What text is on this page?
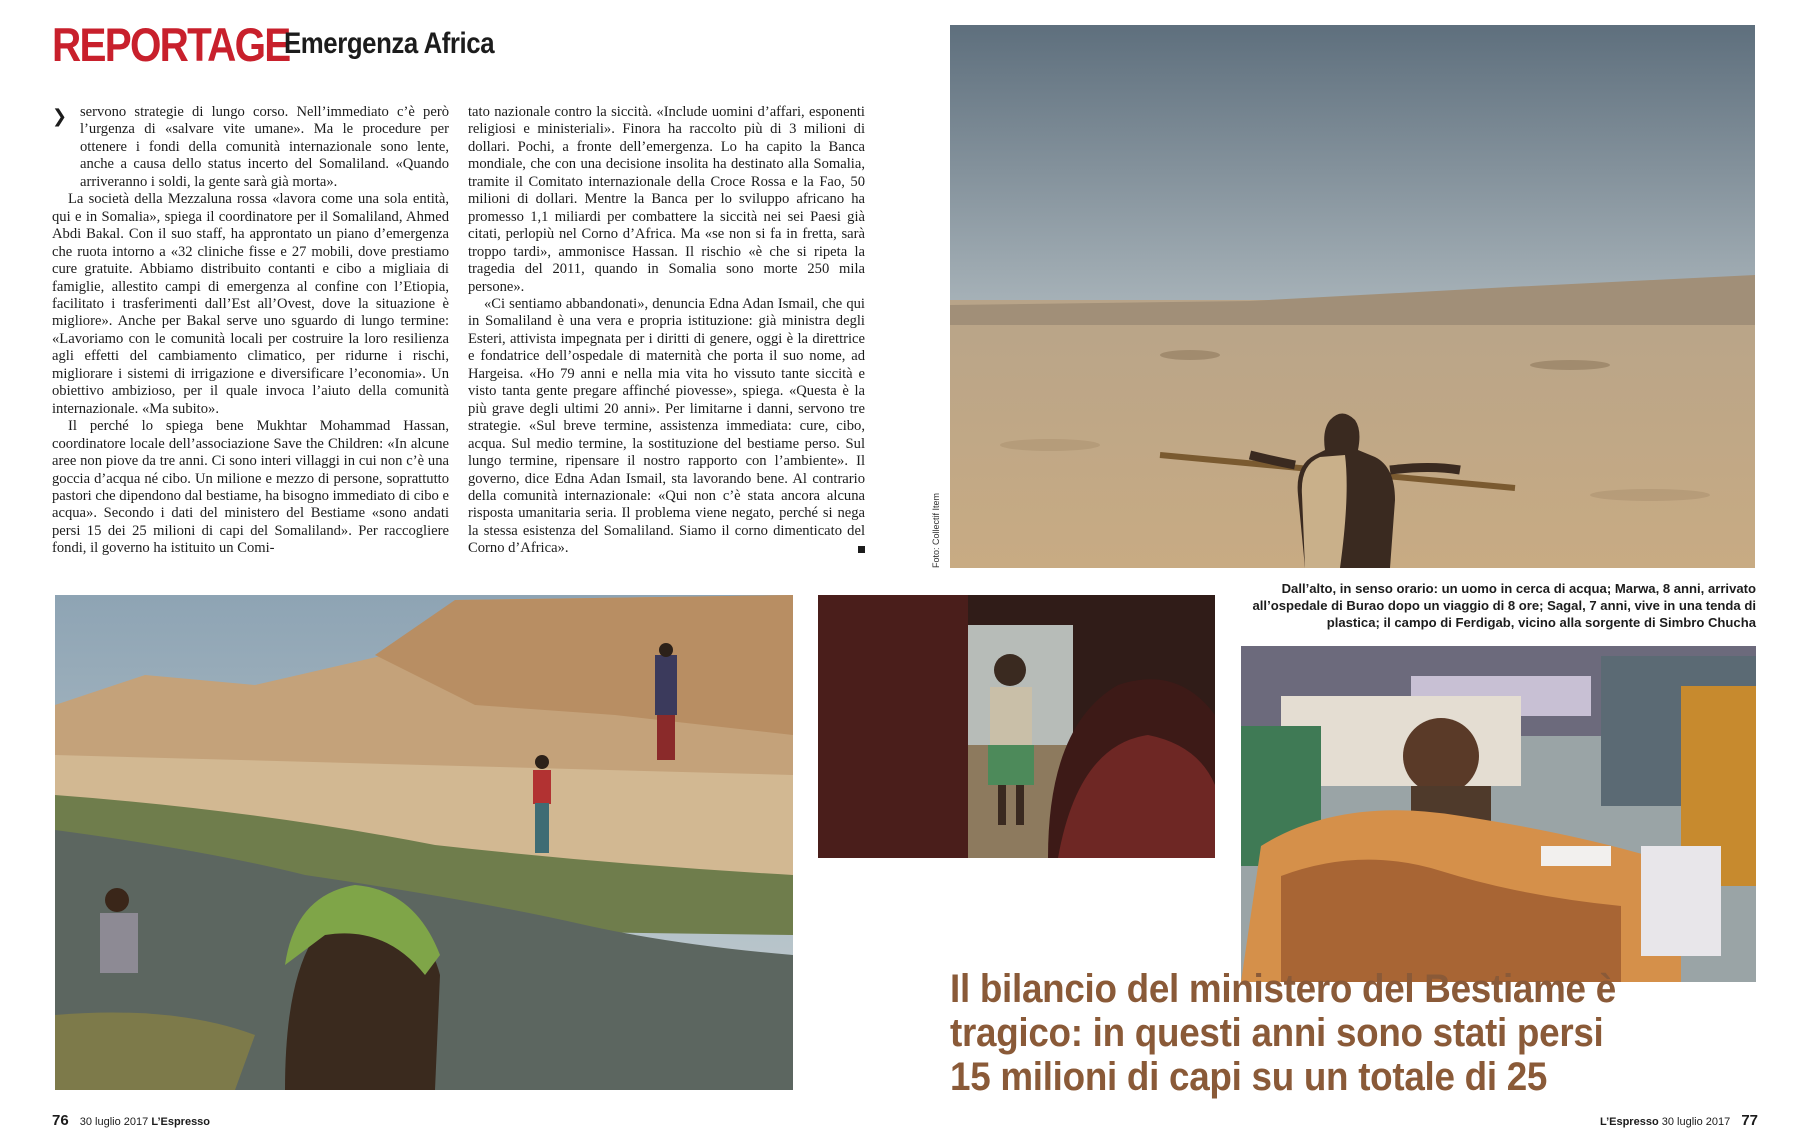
REPORTAGE
Emergenza Africa
❯ servono strategie di lungo corso. Nell’immediato c’è però l’urgenza di «salvare vite umane». Ma le procedure per ottenere i fondi della comunità internazionale sono lente, anche a causa dello status incerto del Somaliland. «Quando arriveranno i soldi, la gente sarà già morta».

La società della Mezzaluna rossa «lavora come una sola entità, qui e in Somalia», spiega il coordinatore per il Somaliland, Ahmed Abdi Bakal. Con il suo staff, ha approntato un piano d’emergenza che ruota intorno a «32 cliniche fisse e 27 mobili, dove prestiamo cure gratuite. Abbiamo distribuito contanti e cibo a migliaia di famiglie, allestito campi di emergenza al confine con l’Etiopia, facilitato i trasferimenti dall’Est all’Ovest, dove la situazione è migliore». Anche per Bakal serve uno sguardo di lungo termine: «Lavoriamo con le comunità locali per costruire la loro resilienza agli effetti del cambiamento climatico, per ridurne i rischi, migliorare i sistemi di irrigazione e diversificare l’economia». Un obiettivo ambizioso, per il quale invoca l’aiuto della comunità internazionale. «Ma subito».

Il perché lo spiega bene Mukhtar Mohammad Hassan, coordinatore locale dell’associazione Save the Children: «In alcune aree non piove da tre anni. Ci sono interi villaggi in cui non c’è una goccia d’acqua né cibo. Un milione e mezzo di persone, soprattutto pastori che dipendono dal bestiame, ha bisogno immediato di cibo e acqua». Secondo i dati del ministero del Bestiame «sono andati persi 15 dei 25 milioni di capi del Somaliland». Per raccogliere fondi, il governo ha istituito un Comi-

tato nazionale contro la siccità. «Include uomini d’affari, esponenti religiosi e ministeriali». Finora ha raccolto più di 3 milioni di dollari. Pochi, a fronte dell’emergenza. Lo ha capito la Banca mondiale, che con una decisione insolita ha destinato alla Somalia, tramite il Comitato internazionale della Croce Rossa e la Fao, 50 milioni di dollari. Mentre la Banca per lo sviluppo africano ha promesso 1,1 miliardi per combattere la siccità nei sei Paesi già citati, perlopiù nel Corno d’Africa. Ma «se non si fa in fretta, sarà troppo tardi», ammonisce Hassan. Il rischio «è che si ripeta la tragedia del 2011, quando in Somalia sono morte 250 mila persone».

«Ci sentiamo abbandonati», denuncia Edna Adan Ismail, che qui in Somaliland è una vera e propria istituzione: già ministra degli Esteri, attivista impegnata per i diritti di genere, oggi è la direttrice e fondatrice dell’ospedale di maternità che porta il suo nome, ad Hargeisa. «Ho 79 anni e nella mia vita ho vissuto tante siccità e visto tanta gente pregare affinché piovesse», spiega. «Questa è la più grave degli ultimi 20 anni». Per limitarne i danni, servono tre strategie. «Sul breve termine, assistenza immediata: cure, cibo, acqua. Sul medio termine, la sostituzione del bestiame perso. Sul lungo termine, ripensare il nostro rapporto con l’ambiente». Il governo, dice Edna Adan Ismail, sta lavorando bene. Al contrario della comunità internazionale: «Qui non c’è stata ancora alcuna risposta umanitaria seria. Il problema viene negato, perché si nega la stessa esistenza del Somaliland. Siamo il corno dimenticato del Corno d’Africa».	Foto: Collectif Item
Dall’alto, in senso orario: un uomo in cerca di acqua; Marwa, 8 anni, arrivato all’ospedale di Burao dopo un viaggio di 8 ore; Sagal, 7 anni, vive in una tenda di plastica; il campo di Ferdigab, vicino alla sorgente di Simbro Chucha
Il bilancio del ministero del Bestiame è tragico: in questi anni sono stati persi 15 milioni di capi su un totale di 25
76 30 luglio 2017 L’Espresso	L’Espresso 30 luglio 2017 77
